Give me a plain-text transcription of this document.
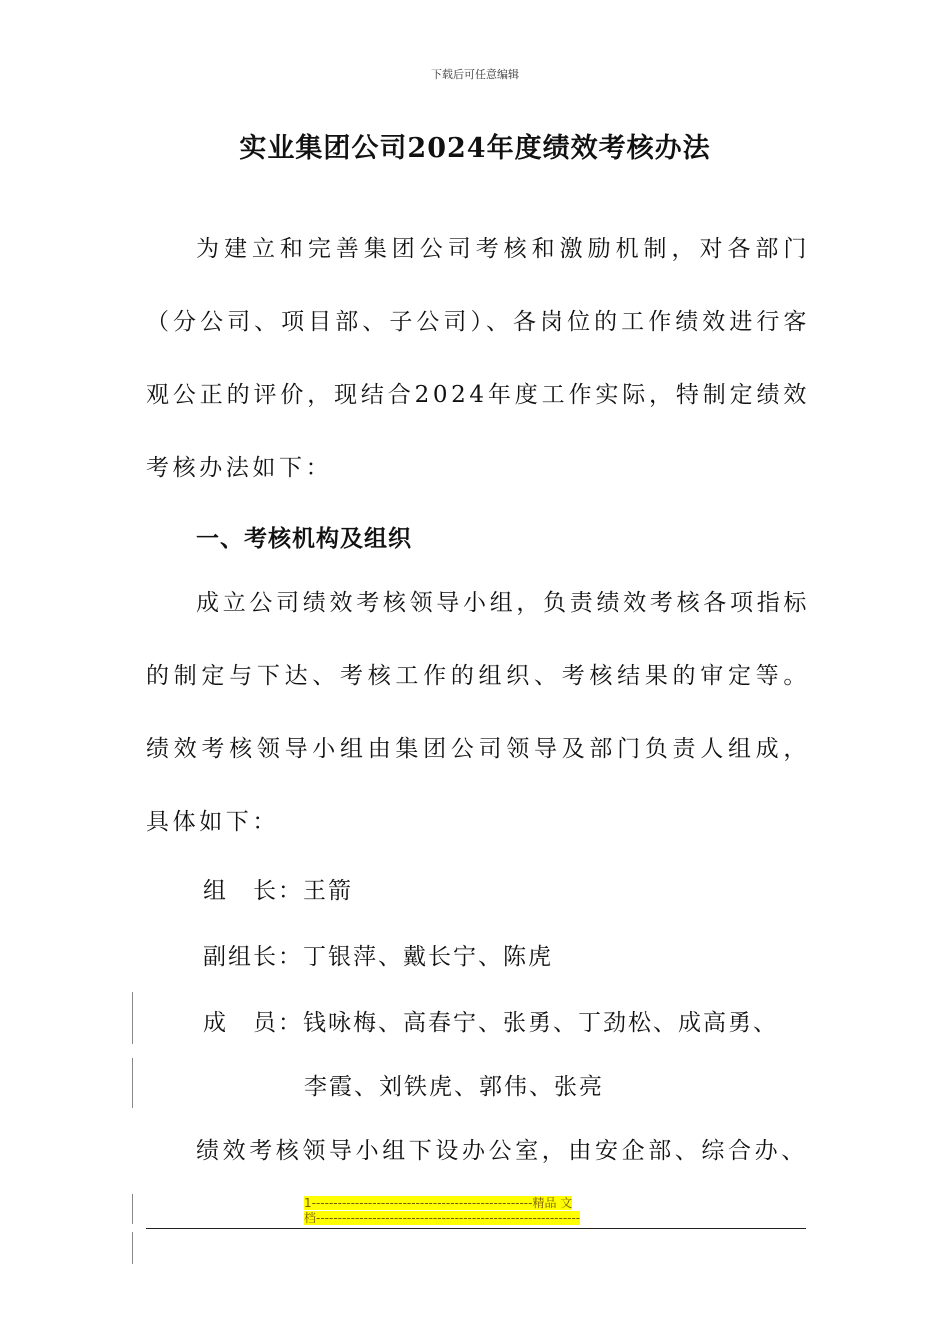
下载后可任意编辑
实业集团公司2024年度绩效考核办法
为建立和完善集团公司考核和激励机制，对各部门（分公司、项目部、子公司）、各岗位的工作绩效进行客观公正的评价，现结合2024年度工作实际，特制定绩效考核办法如下：
一、考核机构及组织
成立公司绩效考核领导小组，负责绩效考核各项指标的制定与下达、考核工作的组织、考核结果的审定等。绩效考核领导小组由集团公司领导及部门负责人组成，具体如下：
组　长：王箭
副组长：丁银萍、戴长宁、陈虎
成　员：钱咏梅、高春宁、张勇、丁劲松、成高勇、
李霞、刘铁虎、郭伟、张亮
绩效考核领导小组下设办公室，由安企部、综合办、
1---------------------------------------------------精品 文
档-------------------------------------------------------------
